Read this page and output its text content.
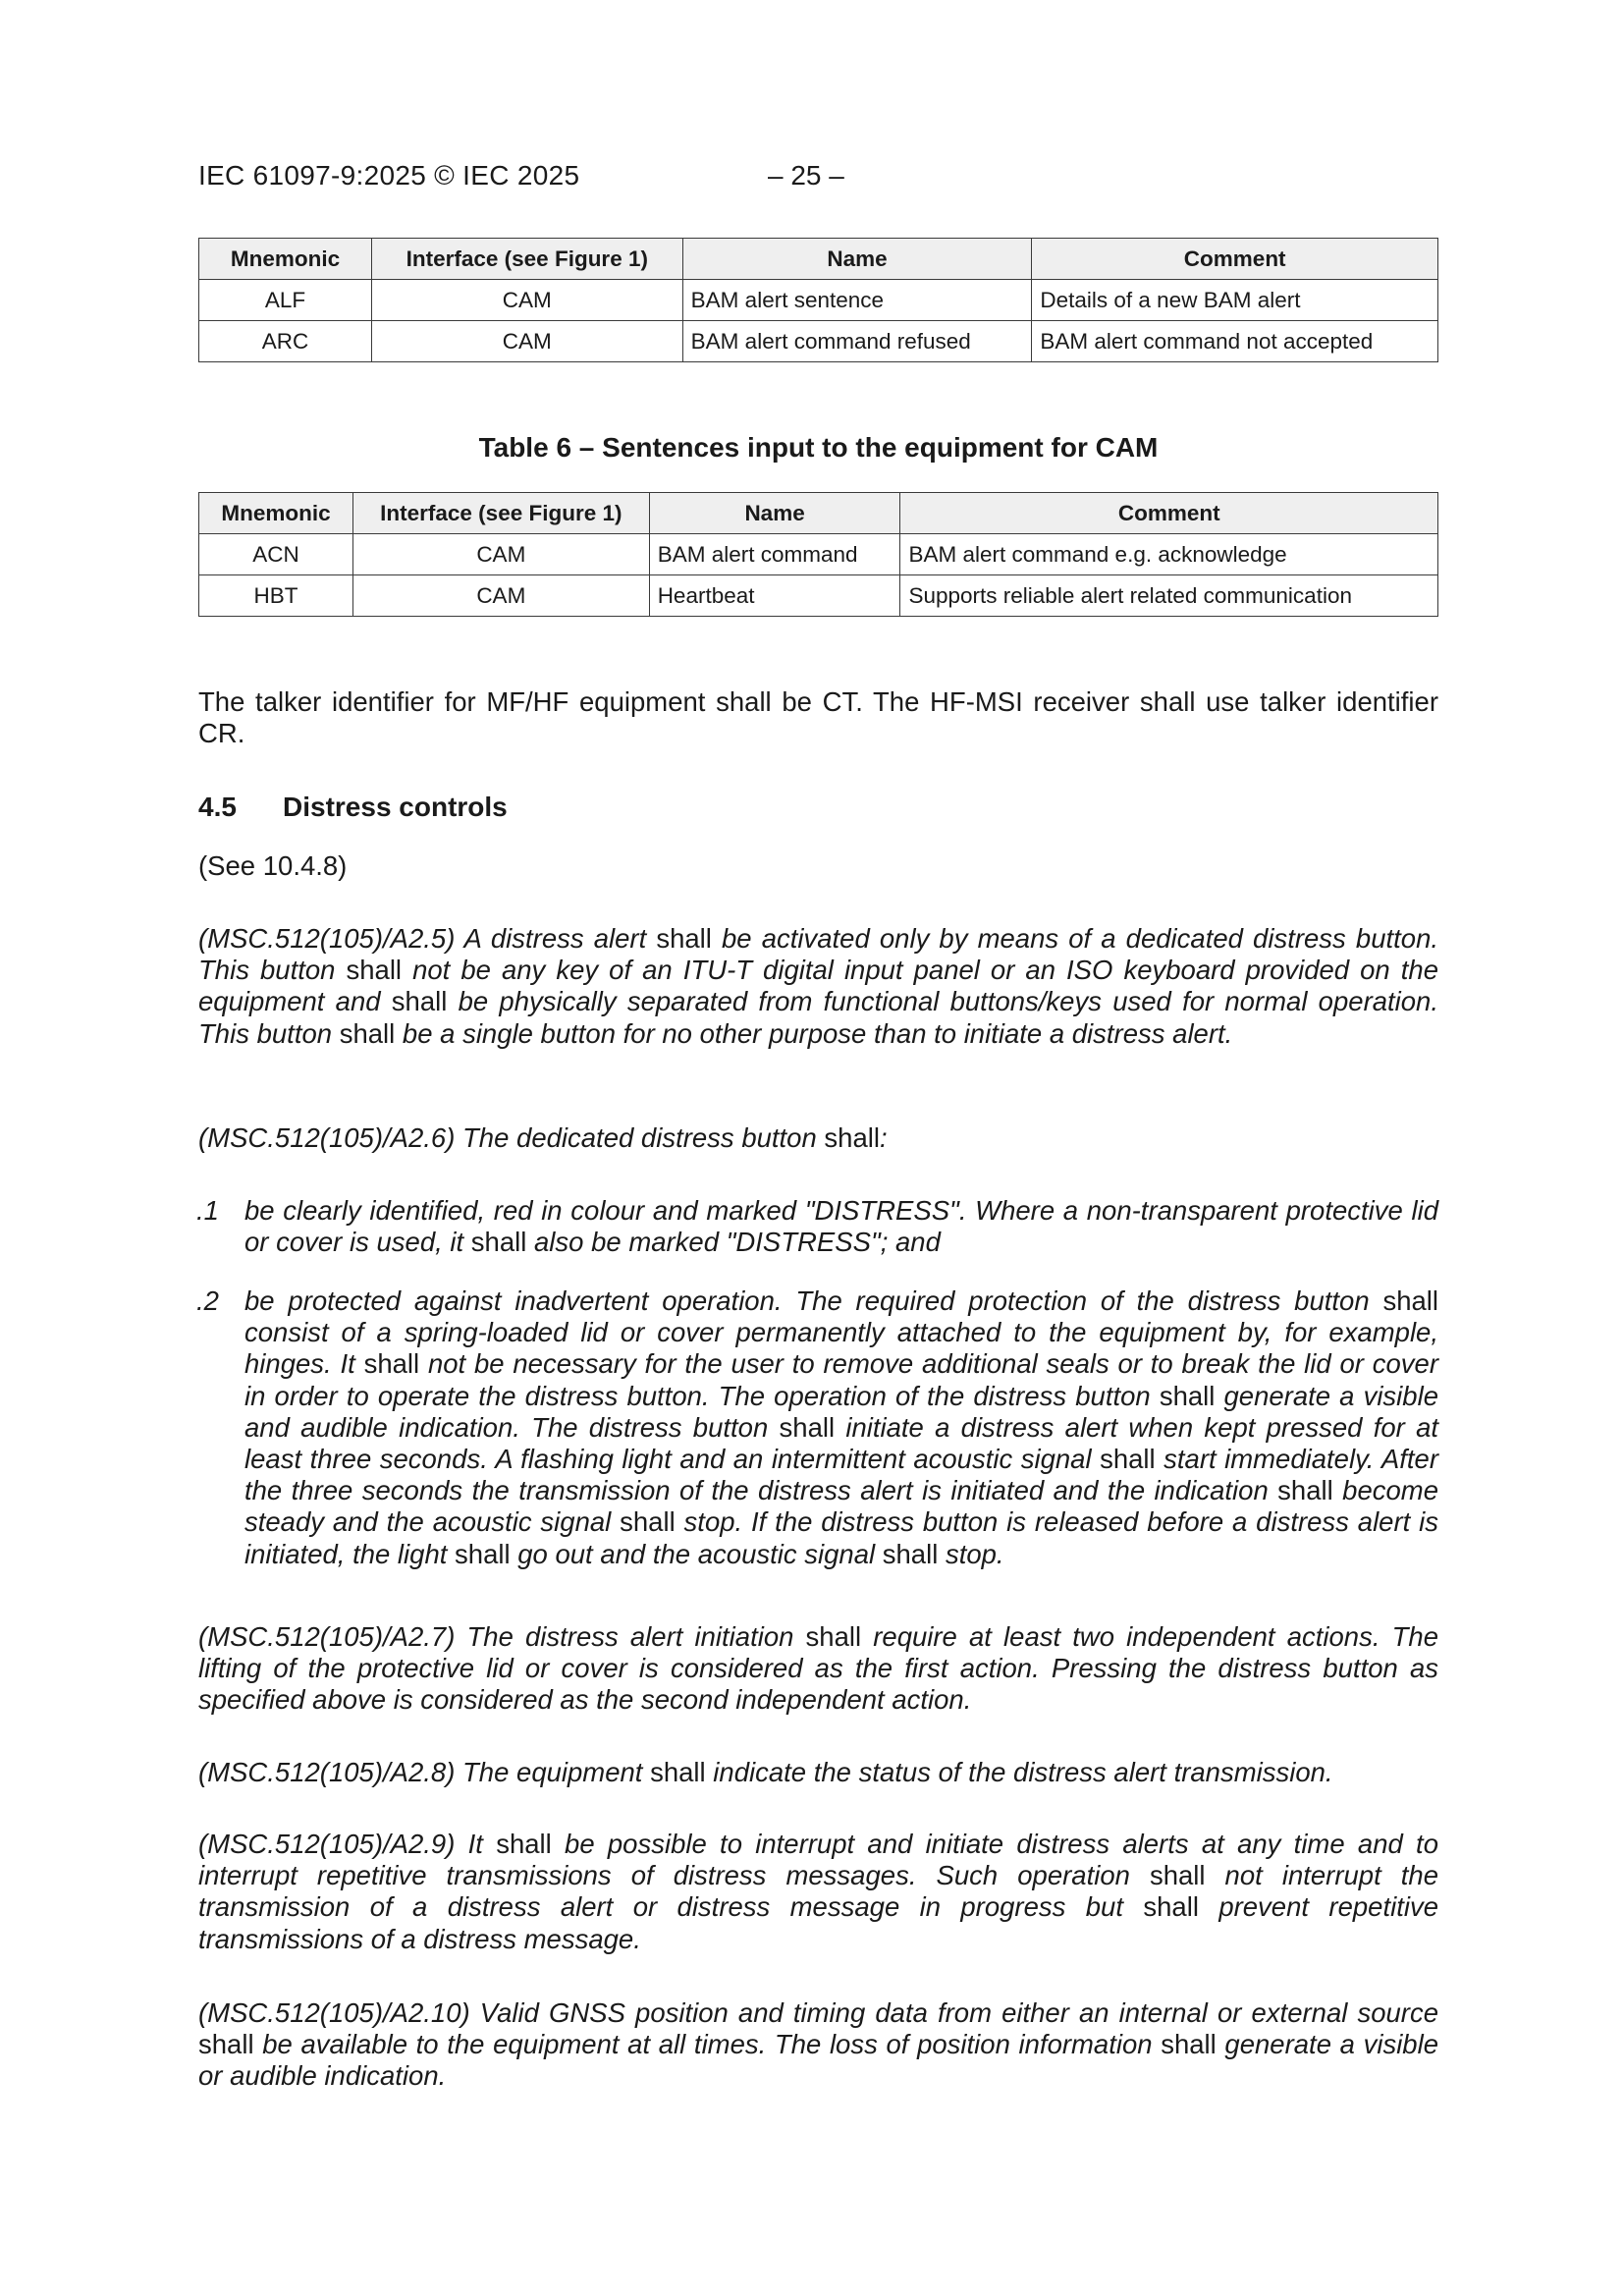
IEC 61097-9:2025 © IEC 2025	– 25 –
Mnemonic	Interface (see Figure 1)	Name	Comment
ALF	CAM	BAM alert sentence	Details of a new BAM alert
ARC	CAM	BAM alert command refused	BAM alert command not accepted
Table 6 – Sentences input to the equipment for CAM
Mnemonic	Interface (see Figure 1)	Name	Comment
ACN	CAM	BAM alert command	BAM alert command e.g. acknowledge
HBT	CAM	Heartbeat	Supports reliable alert related communication

The talker identifier for MF/HF equipment shall be CT. The HF-MSI receiver shall use talker identifier CR.

4.5 Distress controls

(See 10.4.8)

(MSC.512(105)/A2.5) A distress alert shall be activated only by means of a dedicated distress button. This button shall not be any key of an ITU-T digital input panel or an ISO keyboard provided on the equipment and shall be physically separated from functional buttons/keys used for normal operation. This button shall be a single button for no other purpose than to initiate a distress alert.

(MSC.512(105)/A2.6) The dedicated distress button shall:

.1 be clearly identified, red in colour and marked "DISTRESS". Where a non-transparent protective lid or cover is used, it shall also be marked "DISTRESS"; and

.2 be protected against inadvertent operation. The required protection of the distress button shall consist of a spring-loaded lid or cover permanently attached to the equipment by, for example, hinges. It shall not be necessary for the user to remove additional seals or to break the lid or cover in order to operate the distress button. The operation of the distress button shall generate a visible and audible indication. The distress button shall initiate a distress alert when kept pressed for at least three seconds. A flashing light and an intermittent acoustic signal shall start immediately. After the three seconds the transmission of the distress alert is initiated and the indication shall become steady and the acoustic signal shall stop. If the distress button is released before a distress alert is initiated, the light shall go out and the acoustic signal shall stop.

(MSC.512(105)/A2.7) The distress alert initiation shall require at least two independent actions. The lifting of the protective lid or cover is considered as the first action. Pressing the distress button as specified above is considered as the second independent action.

(MSC.512(105)/A2.8) The equipment shall indicate the status of the distress alert transmission.

(MSC.512(105)/A2.9) It shall be possible to interrupt and initiate distress alerts at any time and to interrupt repetitive transmissions of distress messages. Such operation shall not interrupt the transmission of a distress alert or distress message in progress but shall prevent repetitive transmissions of a distress message.

(MSC.512(105)/A2.10) Valid GNSS position and timing data from either an internal or external source shall be available to the equipment at all times. The loss of position information shall generate a visible or audible indication.
